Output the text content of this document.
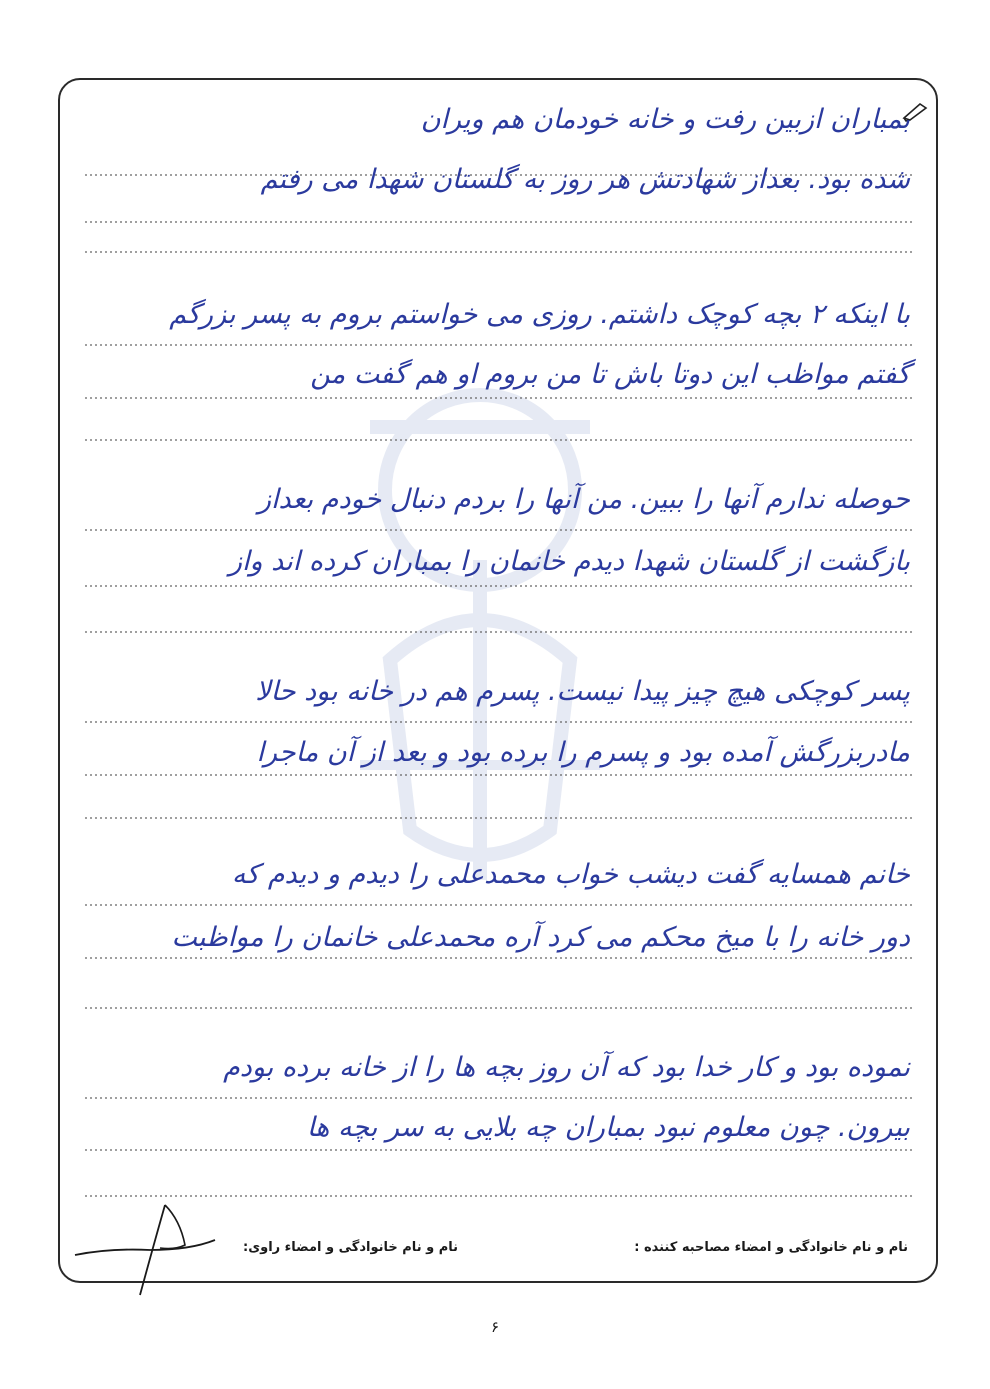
بمباران ازبین رفت و خانه خودمان هم ویران
شده بود. بعداز شهادتش هر روز به گلستان شهدا می رفتم
با اینکه ۲ بچه کوچک داشتم. روزی می خواستم بروم به پسر بزرگم
گفتم مواظب این دوتا باش تا من بروم او هم گفت من
حوصله ندارم آنها را ببین. من آنها را بردم دنبال خودم بعداز
بازگشت از گلستان شهدا دیدم خانمان را بمباران کرده اند واز
پسر کوچکی هیچ چیز پیدا نیست. پسرم هم در خانه بود حالا
مادربزرگش آمده بود و پسرم را برده بود و بعد از آن ماجرا
خانم همسایه گفت دیشب خواب محمدعلی را دیدم و دیدم که
دور خانه را با میخ محکم می کرد آره محمدعلی خانمان را مواظبت
نموده بود و کار خدا بود که آن روز بچه ها را از خانه برده بودم
بیرون. چون معلوم نبود بمباران چه بلایی به سر بچه ها
نام و نام خانوادگی و امضاء مصاحبه کننده :
نام و نام خانوادگی و امضاء راوی:
۶
